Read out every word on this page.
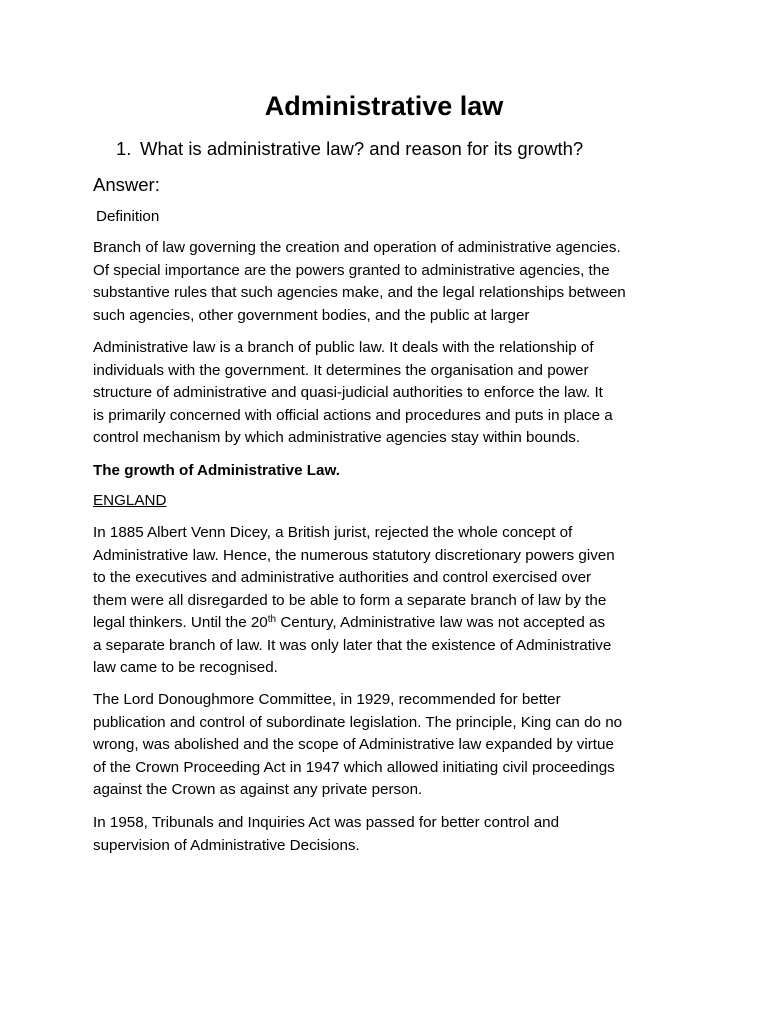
Administrative law
1. What is administrative law? and reason for its growth?
Answer:
Definition
Branch of law governing the creation and operation of administrative agencies.
Of special importance are the powers granted to administrative agencies, the
substantive rules that such agencies make, and the legal relationships between
such agencies, other government bodies, and the public at larger
Administrative law is a branch of public law. It deals with the relationship of
individuals with the government. It determines the organisation and power
structure of administrative and quasi-judicial authorities to enforce the law. It
is primarily concerned with official actions and procedures and puts in place a
control mechanism by which administrative agencies stay within bounds.
The growth of Administrative Law.
ENGLAND
In 1885 Albert Venn Dicey, a British jurist, rejected the whole concept of
Administrative law. Hence, the numerous statutory discretionary powers given
to the executives and administrative authorities and control exercised over
them were all disregarded to be able to form a separate branch of law by the
legal thinkers. Until the 20th Century, Administrative law was not accepted as
a separate branch of law. It was only later that the existence of Administrative
law came to be recognised.
The Lord Donoughmore Committee, in 1929, recommended for better
publication and control of subordinate legislation. The principle, King can do no
wrong, was abolished and the scope of Administrative law expanded by virtue
of the Crown Proceeding Act in 1947 which allowed initiating civil proceedings
against the Crown as against any private person.
In 1958, Tribunals and Inquiries Act was passed for better control and
supervision of Administrative Decisions.
